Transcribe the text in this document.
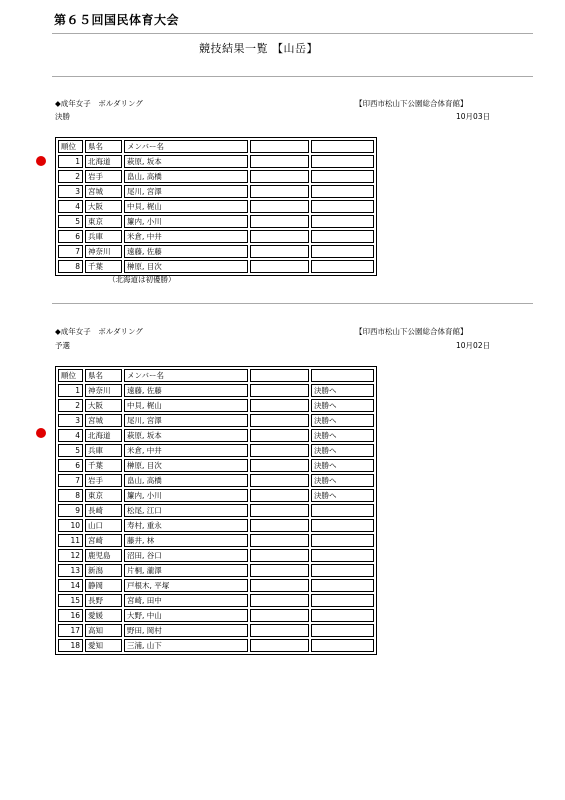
第６５回国民体育大会
競技結果一覧 【山岳】
◆成年女子　ボルダリング	【印西市松山下公園総合体育館】
決勝	10月03日
順位	県名	メンバー名		
1	北海道	萩原, 坂本		
2	岩手	畠山, 高橋		
3	宮城	尾川, 宮澤		
4	大阪	中貝, 梶山		
5	東京	簾内, 小川		
6	兵庫	米倉, 中井		
7	神奈川	遠藤, 佐藤		
8	千葉	榊原, 目次		
（北海道は初優勝）
◆成年女子　ボルダリング	【印西市松山下公園総合体育館】
予選	10月02日
順位	県名	メンバー名		
1	神奈川	遠藤, 佐藤		決勝へ
2	大阪	中貝, 梶山		決勝へ
3	宮城	尾川, 宮澤		決勝へ
4	北海道	萩原, 坂本		決勝へ
5	兵庫	米倉, 中井		決勝へ
6	千葉	榊原, 目次		決勝へ
7	岩手	畠山, 高橋		決勝へ
8	東京	簾内, 小川		決勝へ
9	長崎	松尾, 江口		
10	山口	寿村, 重永		
11	宮崎	藤井, 林		
12	鹿児島	沼田, 谷口		
13	新潟	片桐, 瀧澤		
14	静岡	戸根木, 平塚		
15	長野	宮崎, 田中		
16	愛媛	大野, 中山		
17	高知	野田, 岡村		
18	愛知	三浦, 山下		
